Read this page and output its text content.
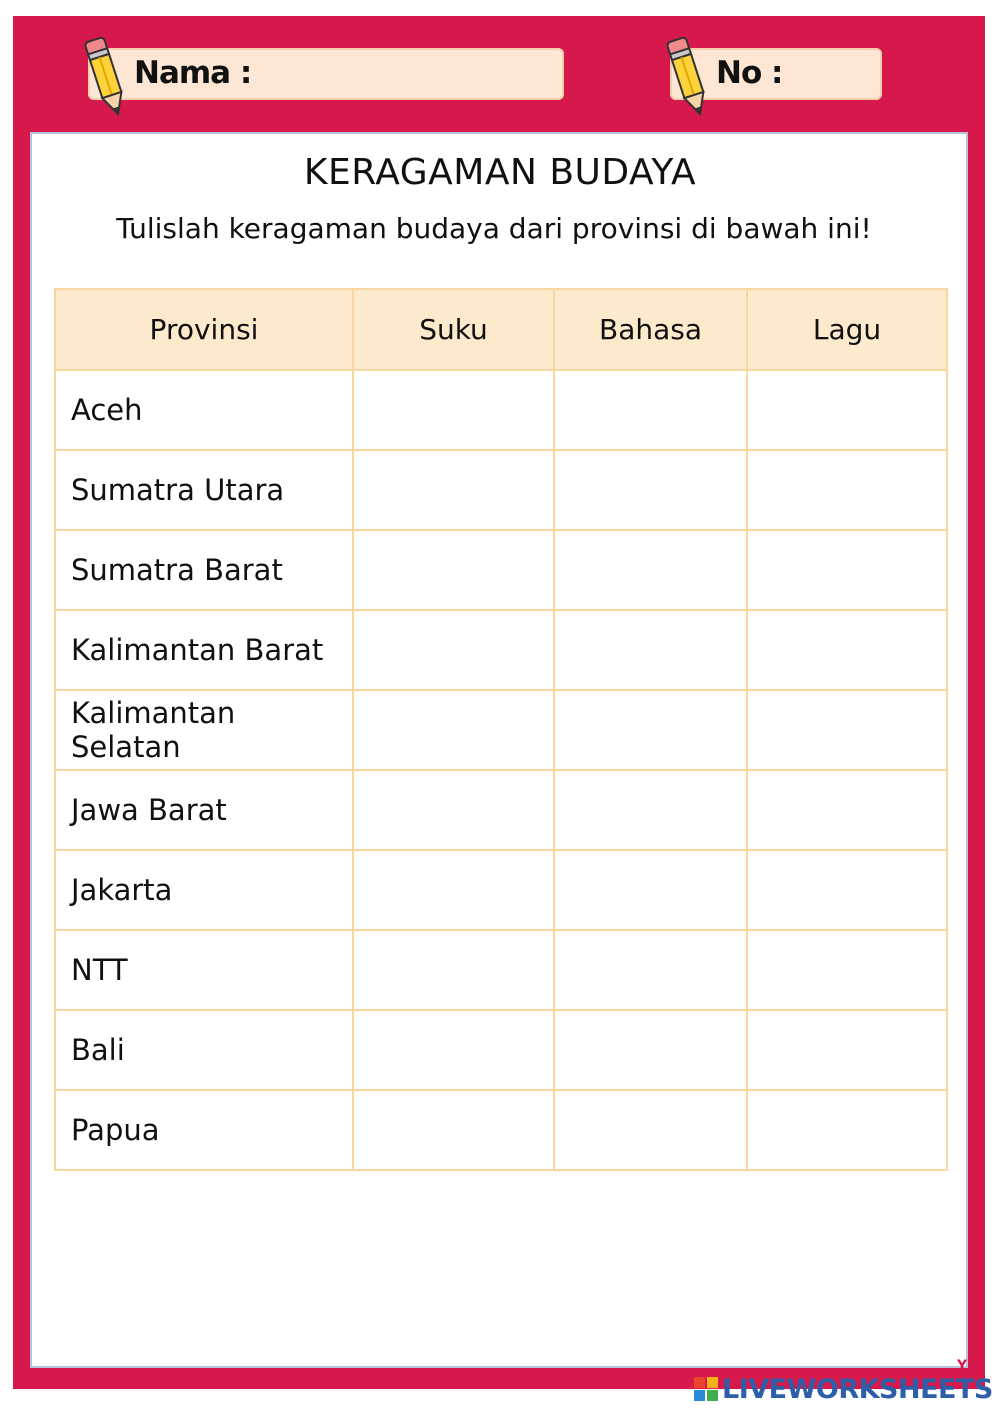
Nama :	No :
KERAGAMAN BUDAYA
Tulislah keragaman budaya dari provinsi di bawah ini!
Provinsi	Suku	Bahasa	Lagu
Aceh			
Sumatra Utara			
Sumatra Barat			
Kalimantan Barat			
Kalimantan Selatan			
Jawa Barat			
Jakarta			
NTT			
Bali			
Papua			
YR
LIVEWORKSHEETS
